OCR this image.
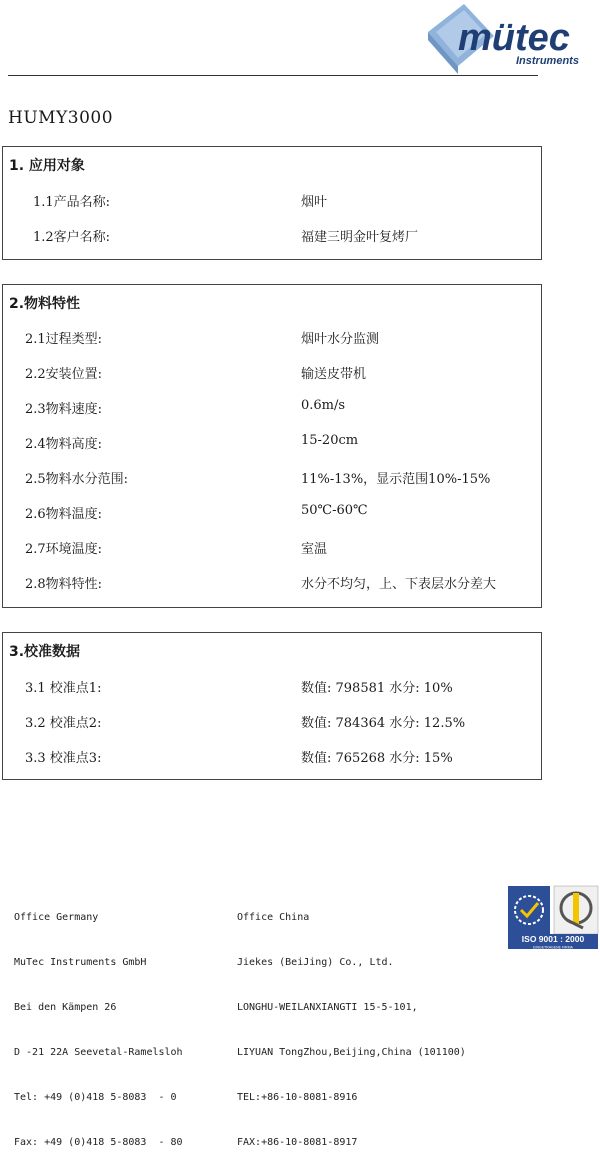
mütec
Instruments
HUMY3000
1. 应用对象
1.1产品名称:	烟叶
1.2客户名称:	福建三明金叶复烤厂
2.物料特性
2.1过程类型:	烟叶水分监测
2.2安装位置:	输送皮带机
2.3物料速度:	0.6m/s
2.4物料高度:	15-20cm
2.5物料水分范围:	11%-13%，显示范围10%-15%
2.6物料温度:	50℃-60℃
2.7环境温度:	室温
2.8物料特性:	水分不均匀，上、下表层水分差大
3.校准数据
3.1 校准点1:	数值: 798581 水分: 10%
3.2 校准点2:	数值: 784364 水分: 12.5%
3.3 校准点3:	数值: 765268 水分: 15%

Office Germany

MuTec Instruments GmbH

Bei den Kämpen 26

D -21 22A Seevetal-Ramelsloh

Tel: +49 (0)418 5-8083  - 0

Fax: +49 (0)418 5-8083  - 80

Office China

Jiekes (BeiJing) Co., Ltd.

LONGHU-WEILANXIANGTI 15-5-101,

LIYUAN TongZhou,Beijing,China (101100)

TEL:+86-10-8081-8916

FAX:+86-10-8081-8917

ISO 9001 : 2000
EINGETRAGENE FIRMA
